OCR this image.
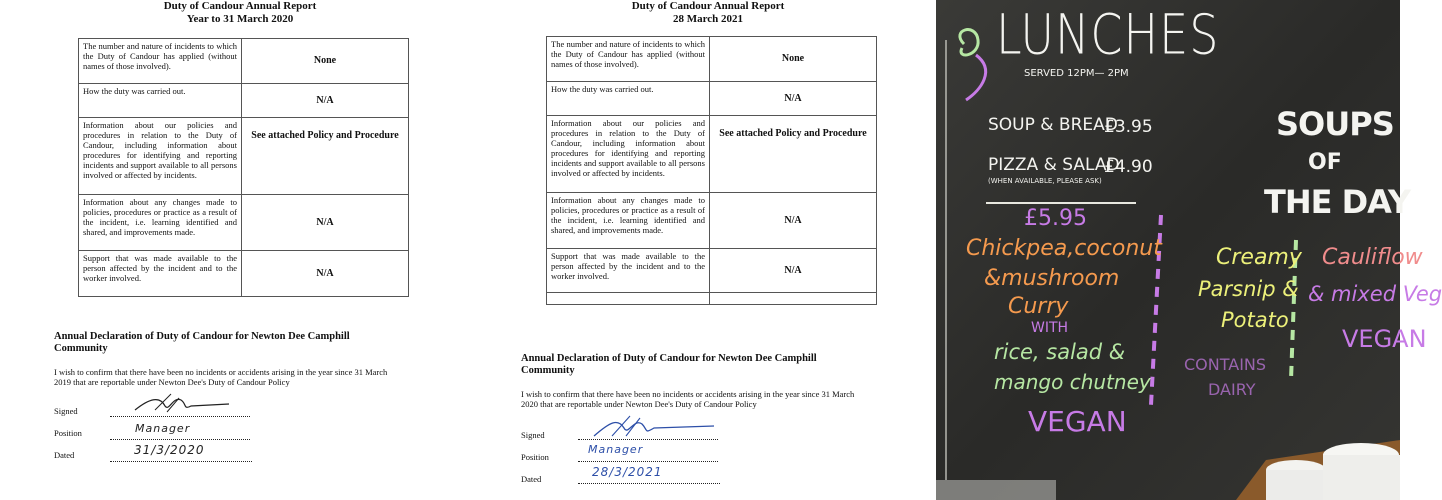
Duty of Candour Annual Report
Year to 31 March 2020
The number and nature of incidents to which the Duty of Candour has applied (without names of those involved).	None
How the duty was carried out.	N/A
Information about our policies and procedures in relation to the Duty of Candour, including information about procedures for identifying and reporting incidents and support available to all persons involved or affected by incidents.	See attached Policy and Procedure
Information about any changes made to policies, procedures or practice as a result of the incident, i.e. learning identified and shared, and improvements made.	N/A
Support that was made available to the person affected by the incident and to the worker involved.	N/A
Annual Declaration of Duty of Candour for Newton Dee Camphill Community
I wish to confirm that there have been no incidents or accidents arising in the year since 31 March 2019 that are reportable under Newton Dee's Duty of Candour Policy
Signed
Position	Manager
Dated	31/3/2020
Duty of Candour Annual Report
28 March 2021
The number and nature of incidents to which the Duty of Candour has applied (without names of those involved).	None
How the duty was carried out.	N/A
Information about our policies and procedures in relation to the Duty of Candour, including information about procedures for identifying and reporting incidents and support available to all persons involved or affected by incidents.	See attached Policy and Procedure
Information about any changes made to policies, procedures or practice as a result of the incident, i.e. learning identified and shared, and improvements made.	N/A
Support that was made available to the person affected by the incident and to the worker involved.	N/A

Annual Declaration of Duty of Candour for Newton Dee Camphill Community
I wish to confirm that there have been no incidents or accidents arising in the year since 31 March 2020 that are reportable under Newton Dee's Duty of Candour Policy
Signed
Position
Manager
Dated	28/3/2021
LUNCHES
SERVED 12PM— 2PM
SOUP & BREAD
£3.95
PIZZA & SALAD
£4.90
(WHEN AVAILABLE, PLEASE ASK)
£5.95
Chickpea,coconut
&mushroom
Curry
WITH
rice, salad &
mango chutney
VEGAN
SOUPS
OF
THE DAY
Creamy
Parsnip &
Potato
CONTAINS
DAIRY
Cauliflow
& mixed Veg
VEGAN
